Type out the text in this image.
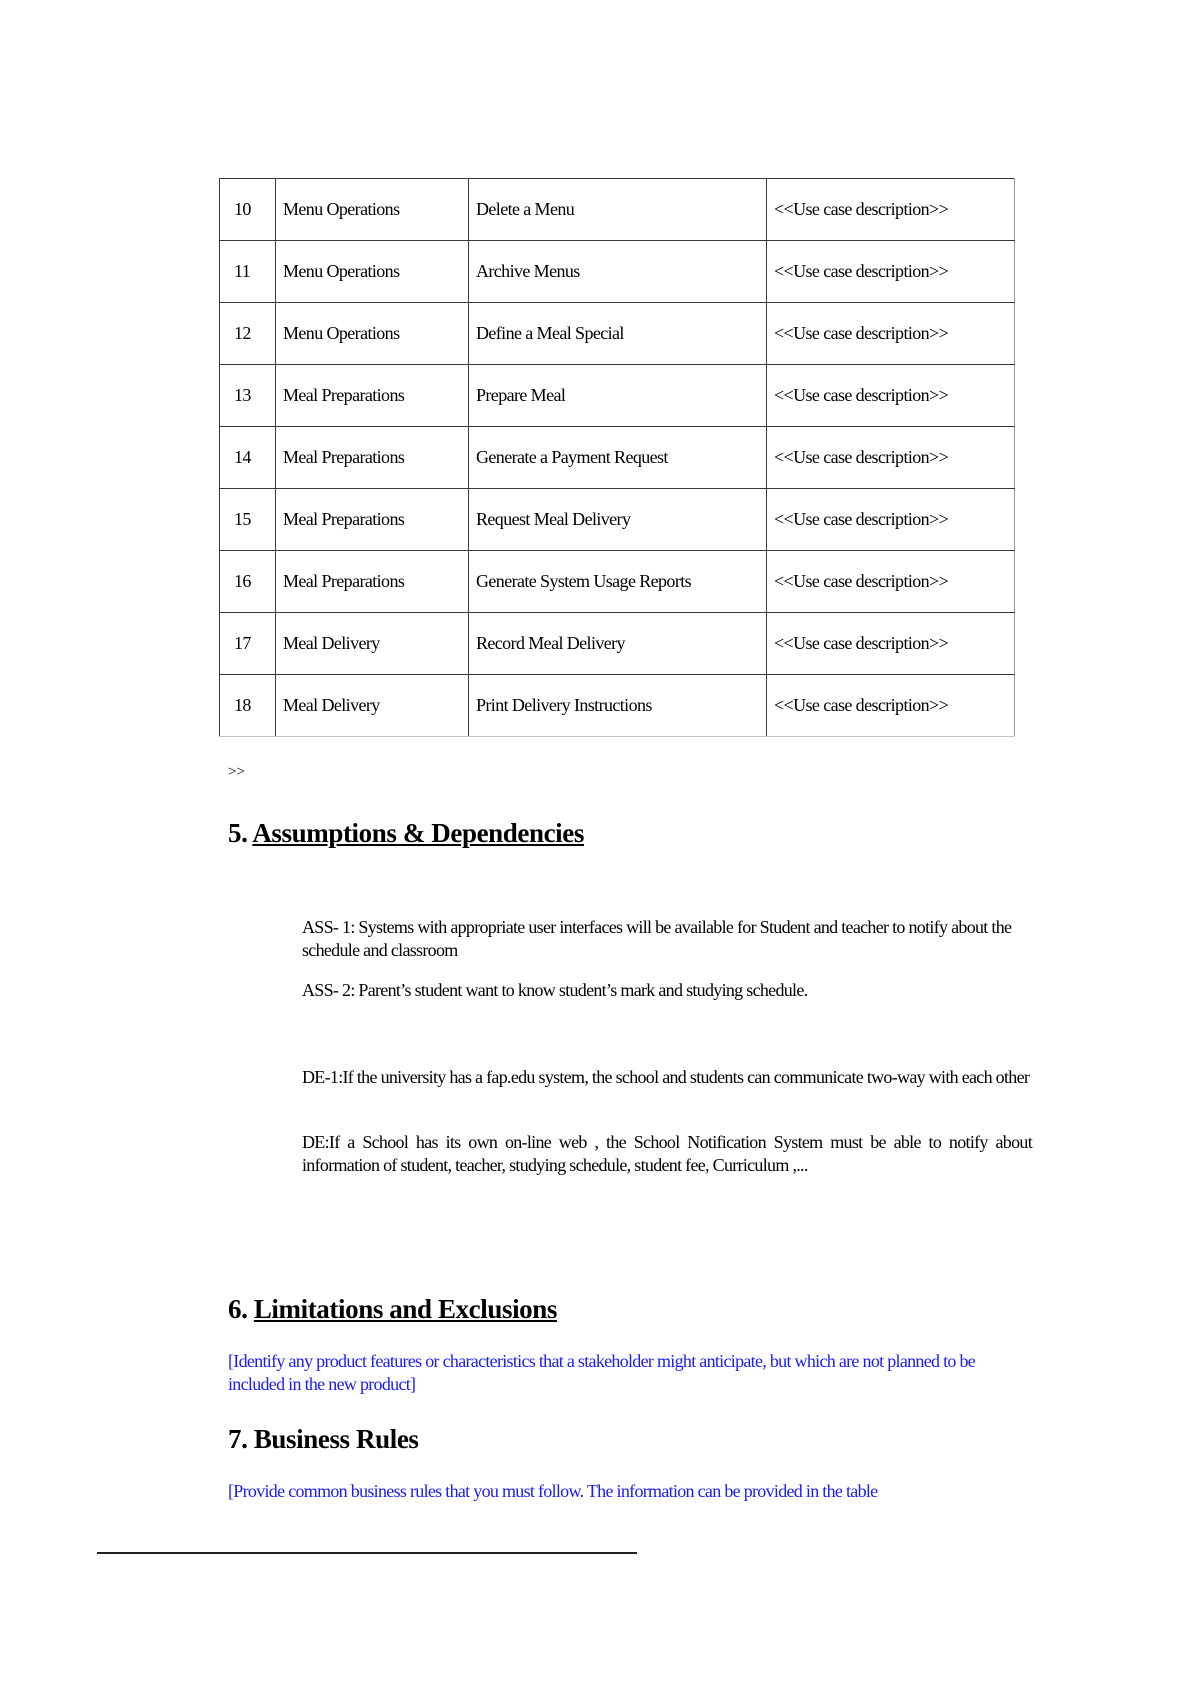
10	Menu Operations	Delete a Menu	<<Use case description>>
11	Menu Operations	Archive Menus	<<Use case description>>
12	Menu Operations	Define a Meal Special	<<Use case description>>
13	Meal Preparations	Prepare Meal	<<Use case description>>
14	Meal Preparations	Generate a Payment Request	<<Use case description>>
15	Meal Preparations	Request Meal Delivery	<<Use case description>>
16	Meal Preparations	Generate System Usage Reports	<<Use case description>>
17	Meal Delivery	Record Meal Delivery	<<Use case description>>
18	Meal Delivery	Print Delivery Instructions	<<Use case description>>
>>
5. Assumptions & Dependencies

ASS- 1: Systems with appropriate user interfaces will be available for Student and teacher to notify about the schedule and classroom

ASS- 2: Parent’s student want to know student’s mark and studying schedule.

DE-1:If the university has a fap.edu system, the school and students can communicate two-way with each other

DE:If a School has its own on-line web , the School Notification System must be able to notify about information of student, teacher, studying schedule, student fee, Curriculum ,...

6. Limitations and Exclusions

[Identify any product features or characteristics that a stakeholder might anticipate, but which are not planned to be included in the new product]

7. Business Rules

[Provide common business rules that you must follow. The information can be provided in the table
